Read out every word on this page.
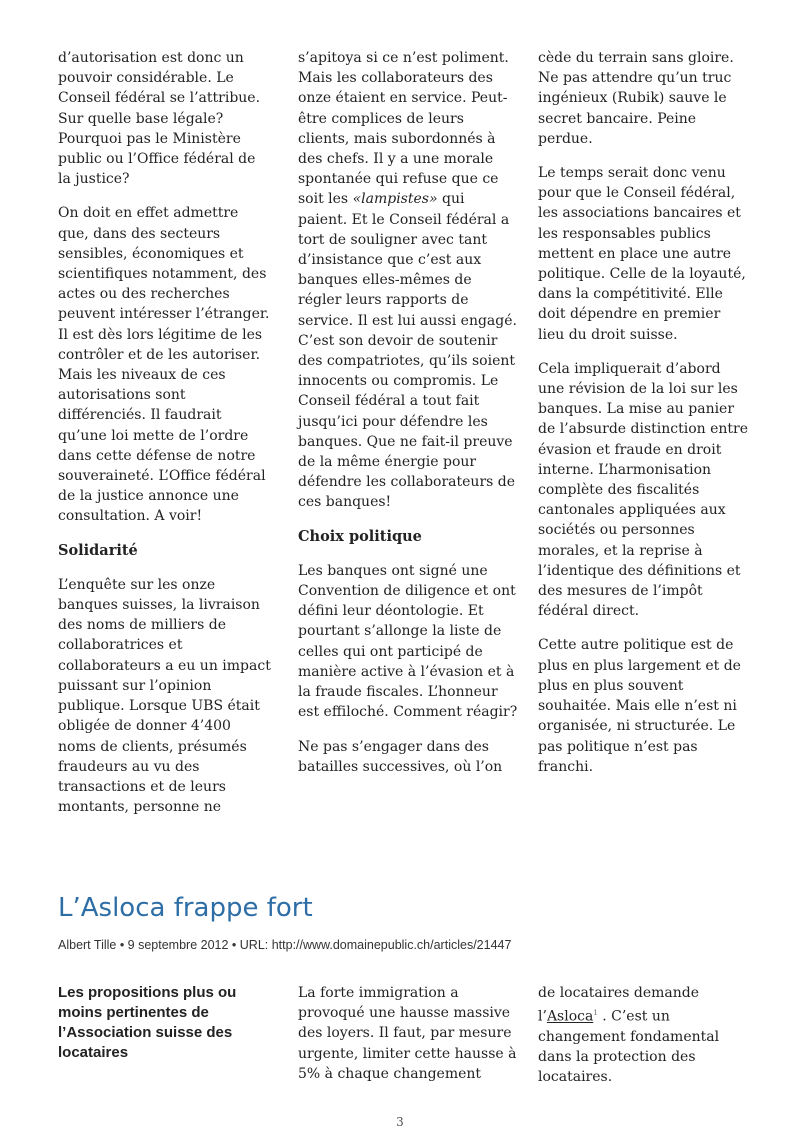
d’autorisation est donc un pouvoir considérable. Le Conseil fédéral se l’attribue. Sur quelle base légale? Pourquoi pas le Ministère public ou l’Office fédéral de la justice?

On doit en effet admettre que, dans des secteurs sensibles, économiques et scientifiques notamment, des actes ou des recherches peuvent intéresser l’étranger. Il est dès lors légitime de les contrôler et de les autoriser. Mais les niveaux de ces autorisations sont différenciés. Il faudrait qu’une loi mette de l’ordre dans cette défense de notre souveraineté. L’Office fédéral de la justice annonce une consultation. A voir!

Solidarité

L’enquête sur les onze banques suisses, la livraison des noms de milliers de collaboratrices et collaborateurs a eu un impact puissant sur l’opinion publique. Lorsque UBS était obligée de donner 4’400 noms de clients, présumés fraudeurs au vu des transactions et de leurs montants, personne ne

s’apitoya si ce n’est poliment. Mais les collaborateurs des onze étaient en service. Peut-être complices de leurs clients, mais subordonnés à des chefs. Il y a une morale spontanée qui refuse que ce soit les «lampistes» qui paient. Et le Conseil fédéral a tort de souligner avec tant d’insistance que c’est aux banques elles-mêmes de régler leurs rapports de service. Il est lui aussi engagé. C’est son devoir de soutenir des compatriotes, qu’ils soient innocents ou compromis. Le Conseil fédéral a tout fait jusqu’ici pour défendre les banques. Que ne fait-il preuve de la même énergie pour défendre les collaborateurs de ces banques!

Choix politique

Les banques ont signé une Convention de diligence et ont défini leur déontologie. Et pourtant s’allonge la liste de celles qui ont participé de manière active à l’évasion et à la fraude fiscales. L’honneur est effiloché. Comment réagir?

Ne pas s’engager dans des batailles successives, où l’on

cède du terrain sans gloire. Ne pas attendre qu’un truc ingénieux (Rubik) sauve le secret bancaire. Peine perdue.

Le temps serait donc venu pour que le Conseil fédéral, les associations bancaires et les responsables publics mettent en place une autre politique. Celle de la loyauté, dans la compétitivité. Elle doit dépendre en premier lieu du droit suisse.

Cela impliquerait d’abord une révision de la loi sur les banques. La mise au panier de l’absurde distinction entre évasion et fraude en droit interne. L’harmonisation complète des fiscalités cantonales appliquées aux sociétés ou personnes morales, et la reprise à l’identique des définitions et des mesures de l’impôt fédéral direct.

Cette autre politique est de plus en plus largement et de plus en plus souvent souhaitée. Mais elle n’est ni organisée, ni structurée. Le pas politique n’est pas franchi.

L’Asloca frappe fort
Albert Tille • 9 septembre 2012 • URL: http://www.domainepublic.ch/articles/21447
Les propositions plus ou moins pertinentes de l’Association suisse des locataires
La forte immigration a provoqué une hausse massive des loyers. Il faut, par mesure urgente, limiter cette hausse à 5% à chaque changement
de locataires demande l’Asloca$^1$ . C’est un changement fondamental dans la protection des locataires.
3
